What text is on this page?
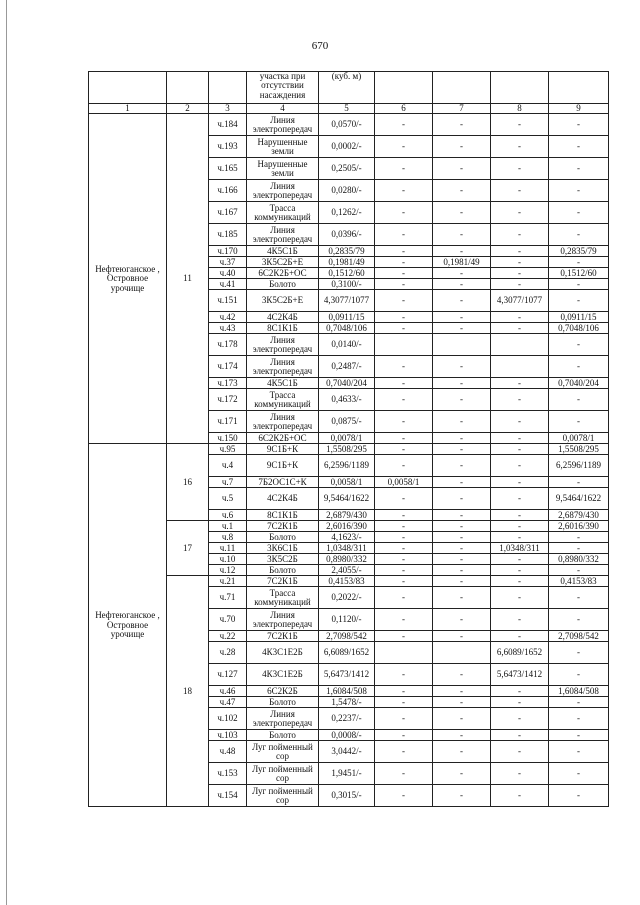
670
			участка при отсутствии насаждения	(куб. м)				
1	2	3	4	5	6	7	8	9
Нефтеюганское , Островное урочище	11	ч.184	Линия электропередач	0,0570/-	-	-	-	-
		ч.193	Нарушенные земли	0,0002/-	-	-	-	-
		ч.165	Нарушенные земли	0,2505/-	-	-	-	-
		ч.166	Линия электропередач	0,0280/-	-	-	-	-
		ч.167	Трасса коммуникаций	0,1262/-	-	-	-	-
		ч.185	Линия электропередач	0,0396/-	-	-	-	-
		ч.170	4К5С1Б	0,2835/79	-	-	-	0,2835/79
		ч.37	3К5С2Б+Е	0,1981/49	-	0,1981/49	-	-
		ч.40	6С2К2Б+ОС	0,1512/60	-	-	-	0,1512/60
		ч.41	Болото	0,3100/-	-	-	-	-
		ч.151	3К5С2Б+Е	4,3077/1077	-	-	4,3077/1077	-
		ч.42	4С2К4Б	0,0911/15	-	-	-	0,0911/15
		ч.43	8С1К1Б	0,7048/106	-	-	-	0,7048/106
		ч.178	Линия электропередач	0,0140/-				-
		ч.174	Линия электропередач	0,2487/-	-	-		-
		ч.173	4К5С1Б	0,7040/204	-	-	-	0,7040/204
		ч.172	Трасса коммуникаций	0,4633/-	-	-	-	-
		ч.171	Линия электропередач	0,0875/-	-	-	-	-
		ч.150	6С2К2Б+ОС	0,0078/1	-	-	-	0,0078/1
Нефтеюганское , Островное урочище	16	ч.95	9С1Б+К	1,5508/295	-	-	-	1,5508/295
		ч.4	9С1Б+К	6,2596/1189	-	-	-	6,2596/1189
		ч.7	7Б2ОС1С+К	0,0058/1	0,0058/1	-	-	-
		ч.5	4С2К4Б	9,5464/1622	-	-	-	9,5464/1622
		ч.6	8С1К1Б	2,6879/430	-	-	-	2,6879/430
	17	ч.1	7С2К1Б	2,6016/390	-	-	-	2,6016/390
		ч.8	Болото	4,1623/-	-	-	-	-
		ч.11	3К6С1Б	1,0348/311	-	-	1,0348/311	-
		ч.10	3К5С2Б	0,8980/332	-	-	-	0,8980/332
		ч.12	Болото	2,4055/-	-	-	-	-
	18	ч.21	7С2К1Б	0,4153/83	-	-	-	0,4153/83
		ч.71	Трасса коммуникаций	0,2022/-	-	-	-	-
		ч.70	Линия электропередач	0,1120/-	-	-	-	-
		ч.22	7С2К1Б	2,7098/542	-	-	-	2,7098/542
		ч.28	4К3С1Е2Б	6,6089/1652			6,6089/1652	-
		ч.127	4К3С1Е2Б	5,6473/1412	-	-	5,6473/1412	-
		ч.46	6С2К2Б	1,6084/508	-	-	-	1,6084/508
		ч.47	Болото	1,5478/-	-	-	-	-
		ч.102	Линия электропередач	0,2237/-	-	-	-	-
		ч.103	Болото	0,0008/-	-	-	-	-
		ч.48	Луг пойменный сор	3,0442/-	-	-	-	-
		ч.153	Луг пойменный сор	1,9451/-	-	-	-	-
		ч.154	Луг пойменный сор	0,3015/-	-	-	-	-
